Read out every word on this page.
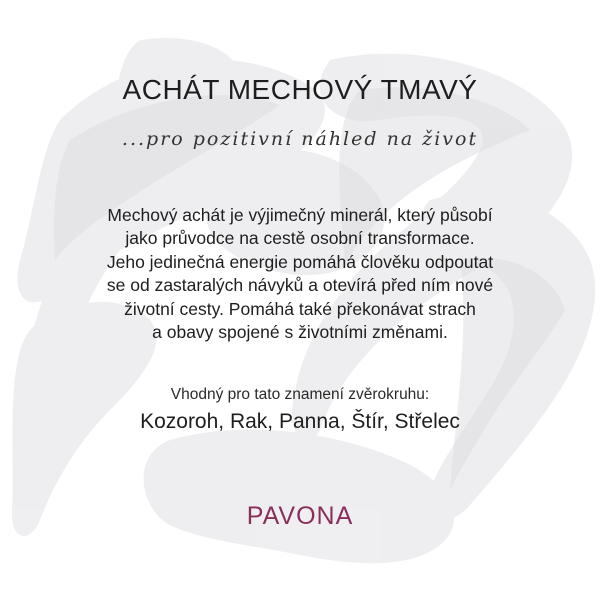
ACHÁT MECHOVÝ TMAVÝ
...pro pozitivní náhled na život
Mechový achát je výjimečný minerál, který působí
jako průvodce na cestě osobní transformace.
Jeho jedinečná energie pomáhá člověku odpoutat
se od zastaralých návyků a otevírá před ním nové
životní cesty. Pomáhá také překonávat strach
a obavy spojené s životními změnami.
Vhodný pro tato znamení zvěrokruhu:
Kozoroh, Rak, Panna, Štír, Střelec
PAVONA
